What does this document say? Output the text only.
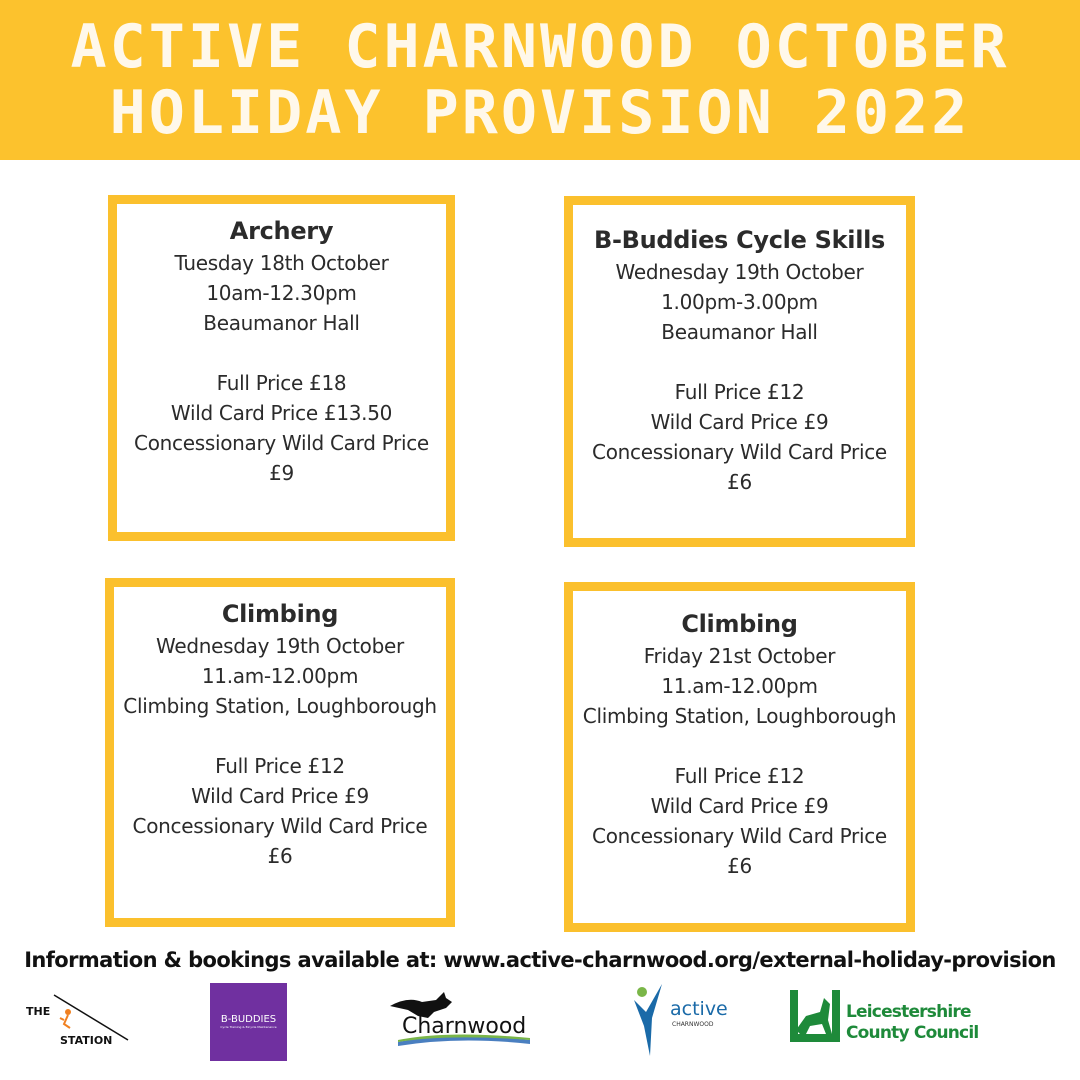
ACTIVE CHARNWOOD OCTOBER
HOLIDAY PROVISION 2022
Archery
Tuesday 18th October
10am-12.30pm
Beaumanor Hall
Full Price £18
Wild Card Price £13.50
Concessionary Wild Card Price
£9
B-Buddies Cycle Skills
Wednesday 19th October
1.00pm-3.00pm
Beaumanor Hall
Full Price £12
Wild Card Price £9
Concessionary Wild Card Price
£6
Climbing
Wednesday 19th October
11.am-12.00pm
Climbing Station, Loughborough
Full Price £12
Wild Card Price £9
Concessionary Wild Card Price
£6
Climbing
Friday 21st October
11.am-12.00pm
Climbing Station, Loughborough
Full Price £12
Wild Card Price £9
Concessionary Wild Card Price
£6
Information & bookings available at: www.active-charnwood.org/external-holiday-provision
THE
STATION
B-BUDDIES
Cycle Training & Bicycle Maintenance	Charnwood
active
CHARNWOOD
Leicestershire
County Council
